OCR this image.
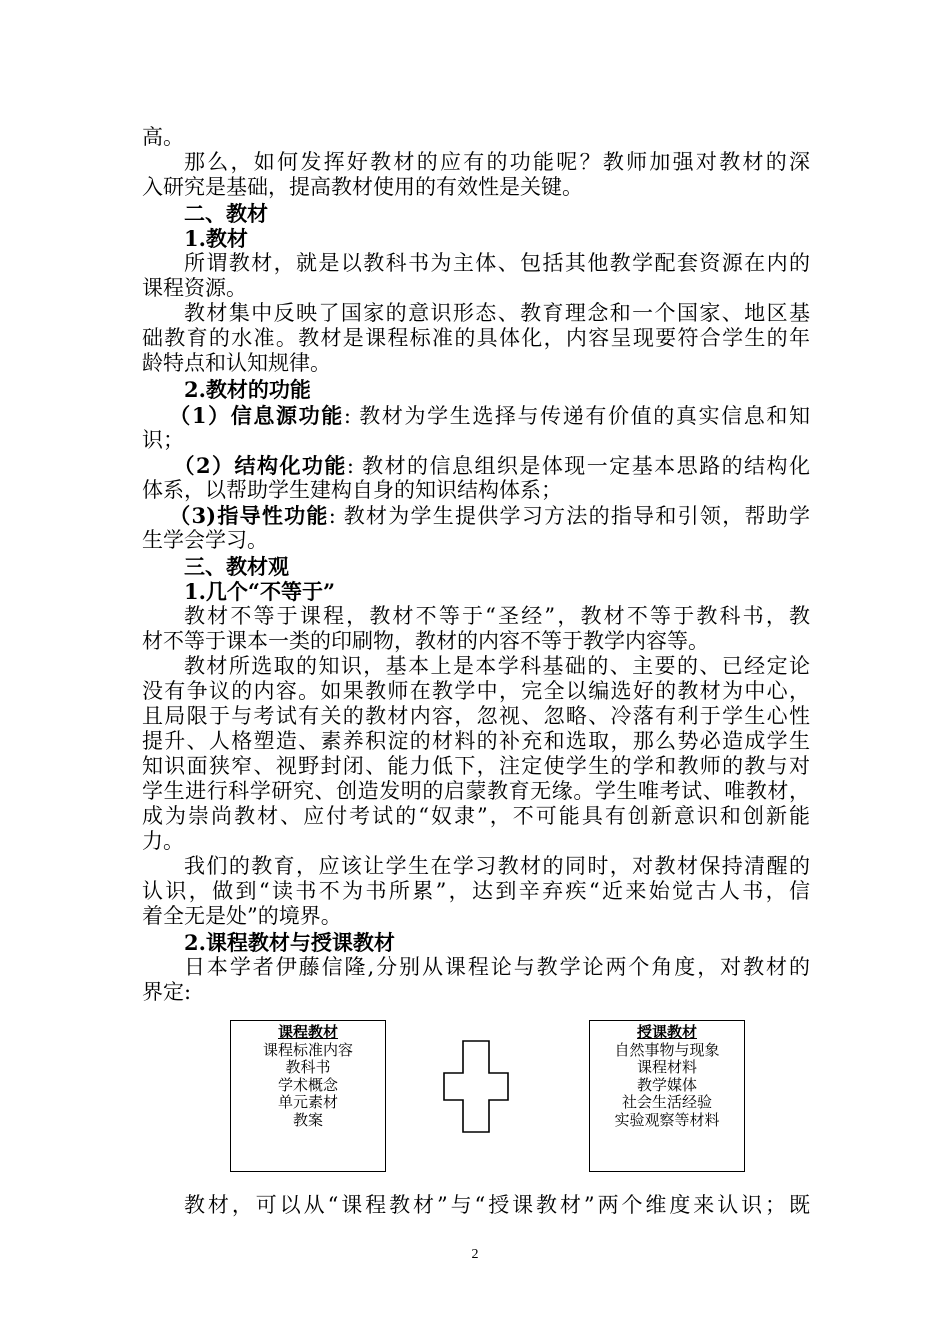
高。
那么，如何发挥好教材的应有的功能呢？教师加强对教材的深
入研究是基础，提高教材使用的有效性是关键。
二、教材
1.教材
所谓教材，就是以教科书为主体、包括其他教学配套资源在内的
课程资源。
教材集中反映了国家的意识形态、教育理念和一个国家、地区基
础教育的水准。教材是课程标准的具体化，内容呈现要符合学生的年
龄特点和认知规律。
2.教材的功能
（1）信息源功能: 教材为学生选择与传递有价值的真实信息和知
识；
（2）结构化功能: 教材的信息组织是体现一定基本思路的结构化
体系，以帮助学生建构自身的知识结构体系；
（3)指导性功能: 教材为学生提供学习方法的指导和引领，帮助学
生学会学习。
三、教材观
1.几个“不等于”
教材不等于课程，教材不等于“圣经”，教材不等于教科书，教
材不等于课本一类的印刷物，教材的内容不等于教学内容等。
教材所选取的知识，基本上是本学科基础的、主要的、已经定论
没有争议的内容。如果教师在教学中，完全以编选好的教材为中心，
且局限于与考试有关的教材内容，忽视、忽略、冷落有利于学生心性
提升、人格塑造、素养积淀的材料的补充和选取，那么势必造成学生
知识面狭窄、视野封闭、能力低下，注定使学生的学和教师的教与对
学生进行科学研究、创造发明的启蒙教育无缘。学生唯考试、唯教材，
成为崇尚教材、应付考试的“奴隶”，不可能具有创新意识和创新能
力。
我们的教育，应该让学生在学习教材的同时，对教材保持清醒的
认识，做到“读书不为书所累”，达到辛弃疾“近来始觉古人书，信
着全无是处”的境界。
2.课程教材与授课教材
日本学者伊藤信隆,分别从课程论与教学论两个角度，对教材的
界定:
课程教材
课程标准内容
教科书
学术概念
单元素材
教案
授课教材
自然事物与现象
课程材料
教学媒体
社会生活经验
实验观察等材料
教材，可以从“课程教材”与“授课教材”两个维度来认识；既
2
